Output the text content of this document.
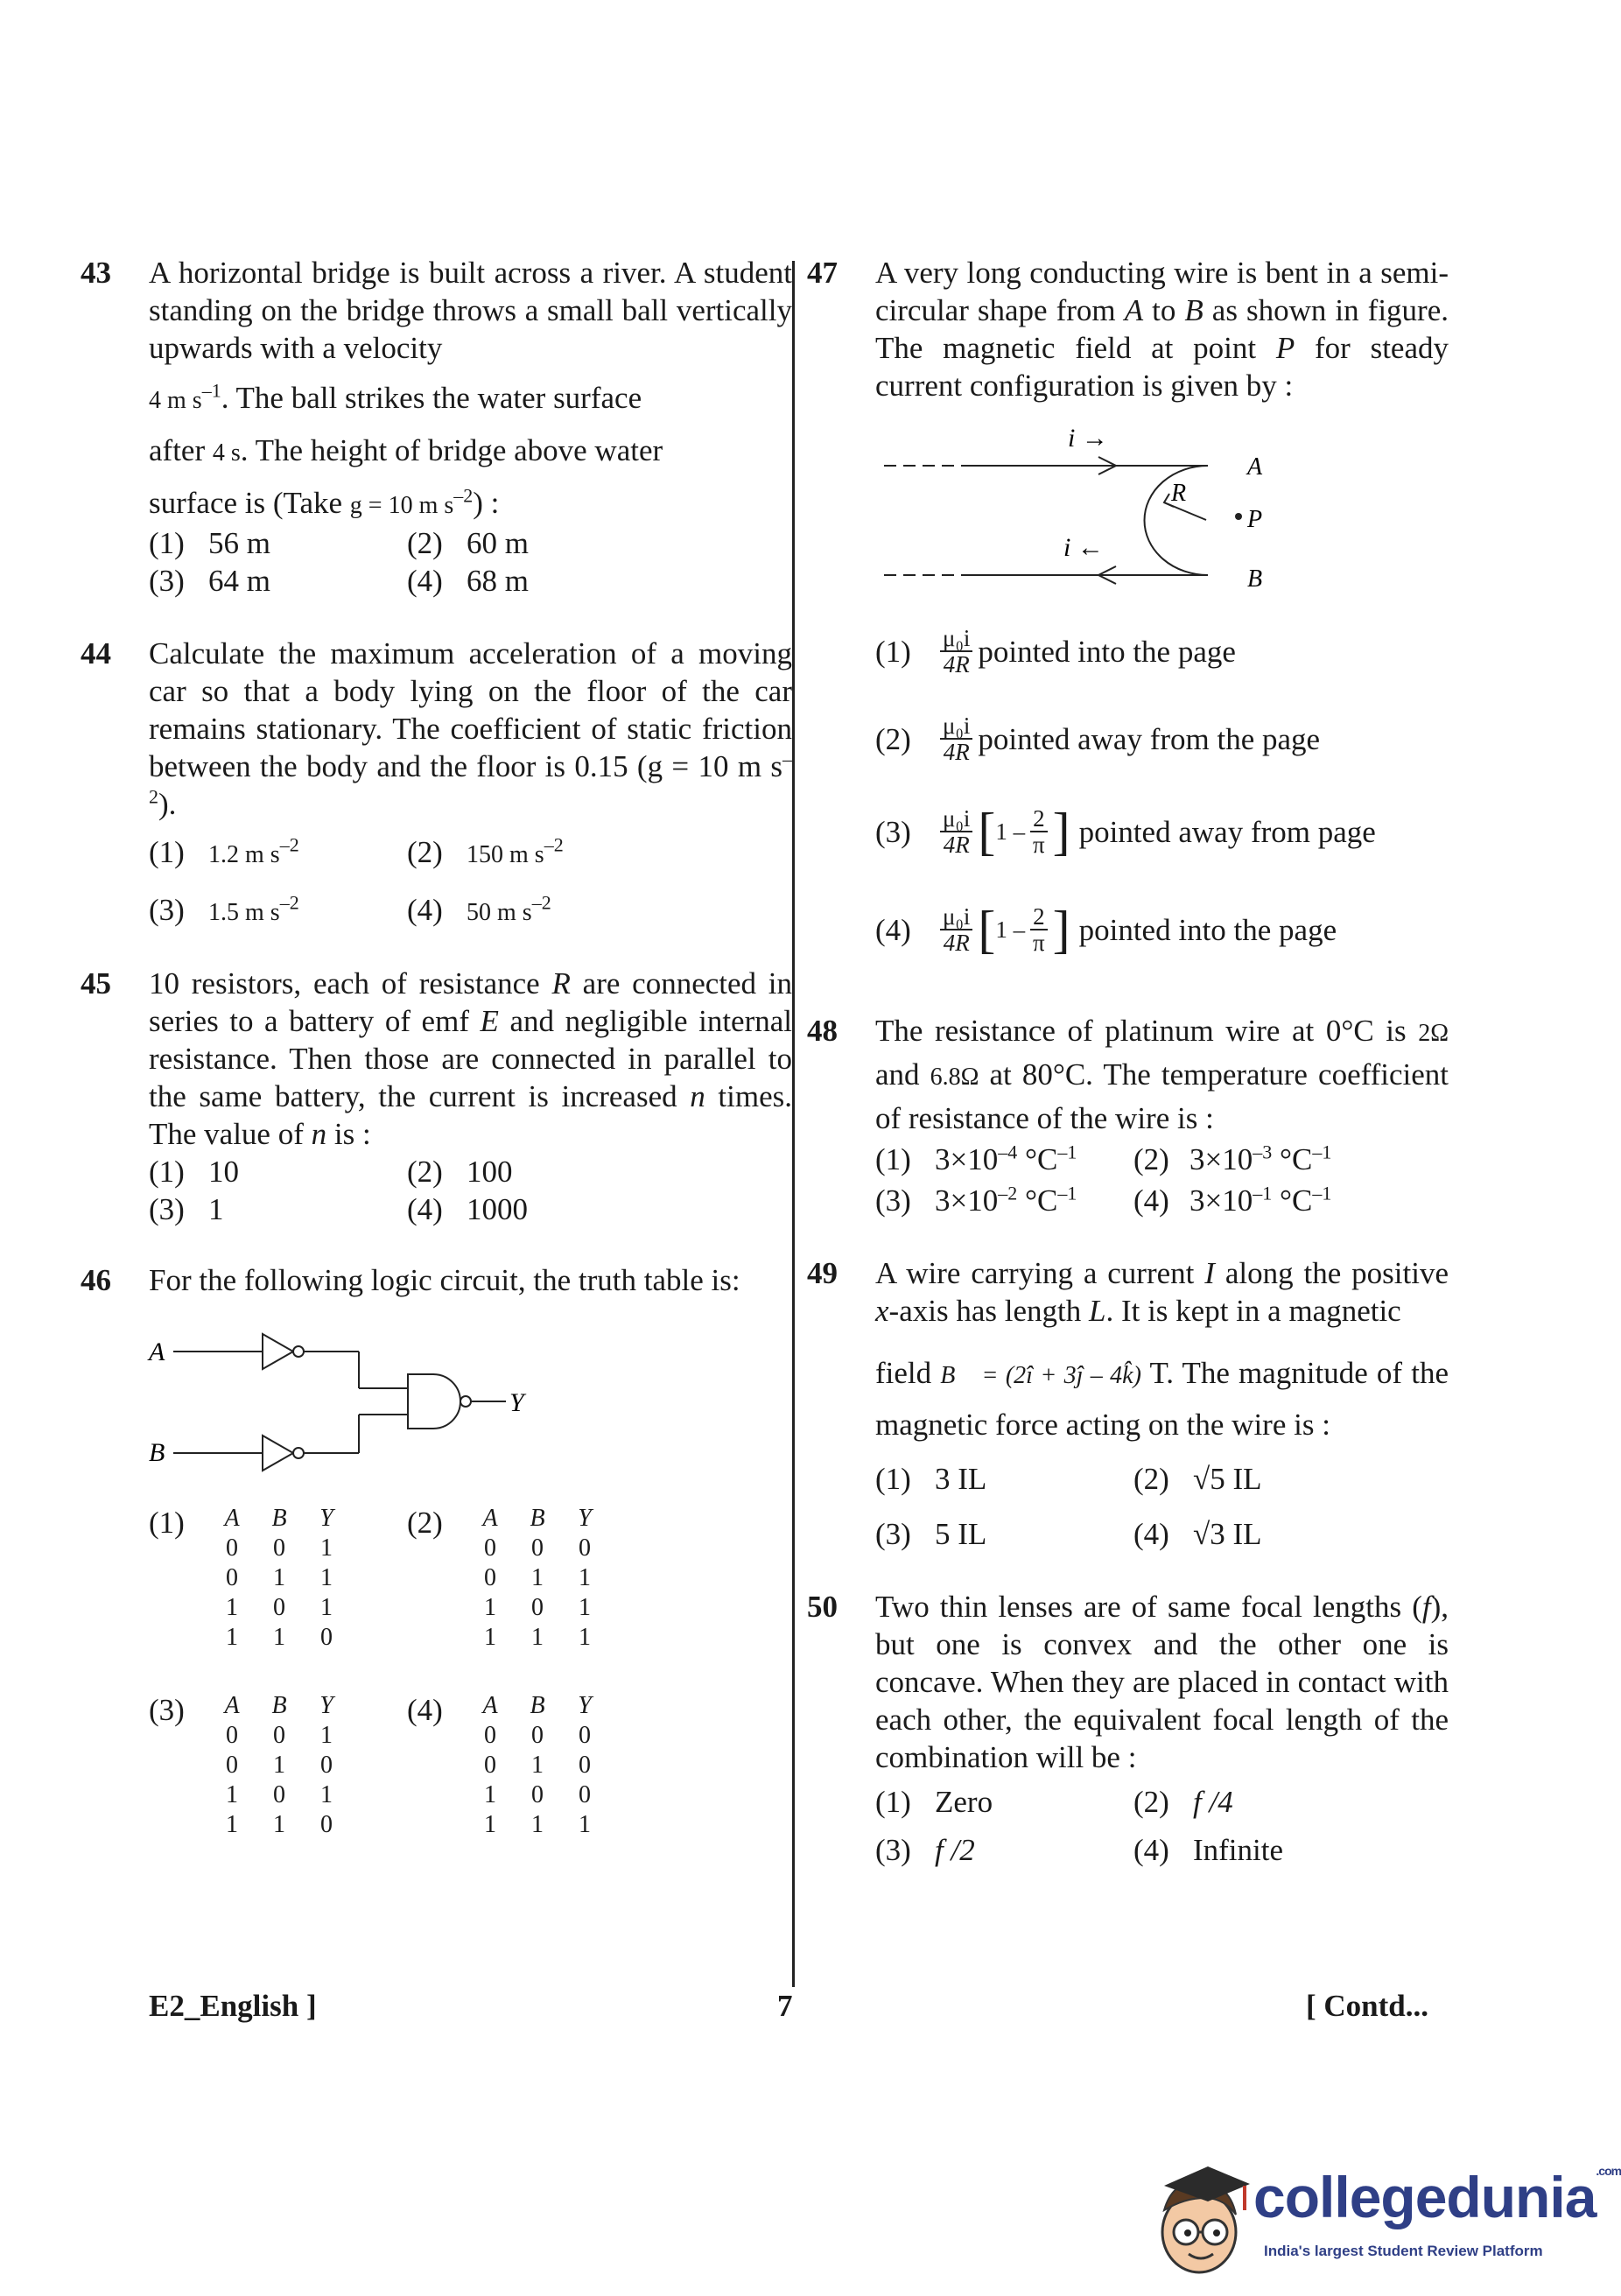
43 A horizontal bridge is built across a river. A student standing on the bridge throws a small ball vertically upwards with a velocity
4 m $s^{-1}$. The ball strikes the water surface
after 4 s. The height of bridge above water
surface is (Take g = 10 m $s^{-2}$) :
(1) 56 m	(2) 60 m
(3) 64 m	(4) 68 m
44 Calculate the maximum acceleration of a moving car so that a body lying on the floor of the car remains stationary. The coefficient of static friction between the body and the floor is 0.15 (g = 10 m $s^{-2}$).
(1) 1.2 m $s^{-2}$	(2) 150 m $s^{-2}$
(3) 1.5 m $s^{-2}$	(4) 50 m $s^{-2}$
45 10 resistors, each of resistance R are connected in series to a battery of emf E and negligible internal resistance. Then those are connected in parallel to the same battery, the current is increased n times. The value of n is :
(1) 10	(2) 100
(3) 1	(4) 1000
46 For the following logic circuit, the truth table is:
A
B
Y
(1)	A	B	Y
0	0	1
0	1	1
1	0	1
1	1	0
(2)	A	B	Y
0	0	0
0	1	1
1	0	1
1	1	1
(3)	A	B	Y
0	0	1
0	1	0
1	0	1
1	1	0
(4)	A	B	Y
0	0	0
0	1	0
1	0	0
1	1	1
47 A very long conducting wire is bent in a semi-circular shape from A to B as shown in figure. The magnetic field at point P for steady current configuration is given by :
i →
i ←
R
P
A
B
(1)	$\frac{\text{μ₀i}}{4R}$ pointed into the page
(2)	$\frac{\text{μ₀i}}{4R}$ pointed away from the page
(3)	$\frac{\text{μ₀i}}{4R}$ [ $1 - \frac{2}{\pi}$ ] pointed away from page
(4)	$\frac{\text{μ₀i}}{4R}$ [ $1 - \frac{2}{\pi}$ ] pointed into the page
48 The resistance of platinum wire at 0°C is 2Ω and 6.8Ω at 80°C. The temperature coefficient of resistance of the wire is :
(1) $3\times 10^{-4}$ $^\circ C^{-1}$	(2) $3\times 10^{-3}$ $^\circ C^{-1}$
(3) $3\times 10^{-2}$ $^\circ C^{-1}$	(4) $3\times 10^{-1}$ $^\circ C^{-1}$
49 A wire carrying a current I along the positive x-axis has length L. It is kept in a magnetic
field B⃗ = (2î + 3ĵ – 4k̂) T. The magnitude of the magnetic force acting on the wire is :
(1) 3 IL	(2) √5 IL
(3) 5 IL	(4) √3 IL
50 Two thin lenses are of same focal lengths (f), but one is convex and the other one is concave. When they are placed in contact with each other, the equivalent focal length of the combination will be :
(1) Zero	(2) f /4
(3) f /2	(4) Infinite
E2_English ]	7	[ Contd...
collegedunia$^{.com}$
India's largest Student Review Platform
